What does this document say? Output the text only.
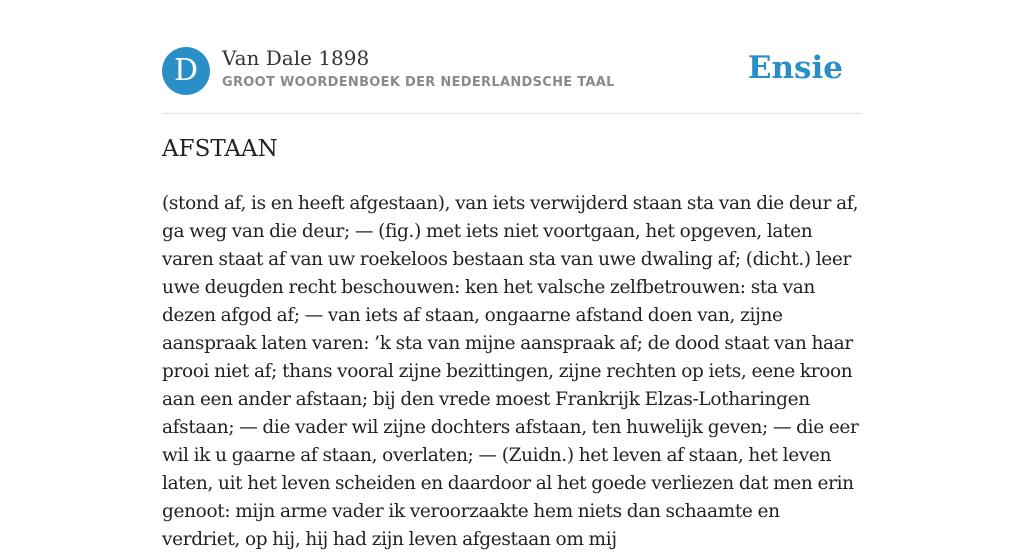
D	Van Dale 1898
GROOT WOORDENBOEK DER NEDERLANDSCHE TAAL	Ensie
AFSTAAN

(stond af, is en heeft afgestaan), van iets verwijderd staan sta van die deur af, ga weg van die deur; — (fig.) met iets niet voortgaan, het opgeven, laten varen staat af van uw roekeloos bestaan sta van uwe dwaling af; (dicht.) leer uwe deugden recht beschouwen: ken het valsche zelfbetrouwen: sta van dezen afgod af; — van iets af staan, ongaarne afstand doen van, zijne aanspraak laten varen: ’k sta van mijne aanspraak af; de dood staat van haar prooi niet af; thans vooral zijne bezittingen, zijne rechten op iets, eene kroon aan een ander afstaan; bij den vrede moest Frankrijk Elzas-Lotharingen afstaan; — die vader wil zijne dochters afstaan, ten huwelijk geven; — die eer wil ik u gaarne af staan, overlaten; — (Zuidn.) het leven af staan, het leven laten, uit het leven scheiden en daardoor al het goede verliezen dat men erin genoot: mijn arme vader ik veroorzaakte hem niets dan schaamte en verdriet, op hij, hij had zijn leven afgestaan om mij
